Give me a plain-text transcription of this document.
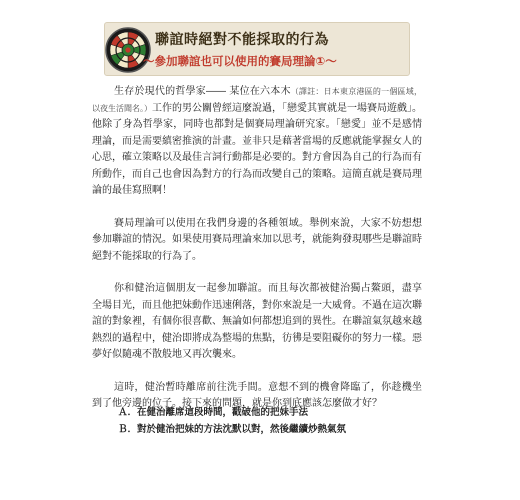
聯誼時絕對不能採取的行為
～參加聯誼也可以使用的賽局理論①～

生存於現代的哲學家―― 某位在六本木（譯註：日本東京港區的一個區域，以夜生活聞名。）工作的男公關曾經這麼說過，「戀愛其實就是一場賽局遊戲」。他除了身為哲學家，同時也都對是個賽局理論研究家。「戀愛」並不是感情理論，而是需要縝密推演的計畫。並非只是藉著當場的反應就能掌握女人的心思，確立策略以及最佳言詞行動都是必要的。對方會因為自己的行為而有所動作，而自己也會因為對方的行為而改變自己的策略。這簡直就是賽局理論的最佳寫照啊！

賽局理論可以使用在我們身邊的各種領域。舉例來說，大家不妨想想參加聯誼的情況。如果使用賽局理論來加以思考，就能夠發現哪些是聯誼時絕對不能採取的行為了。

你和健治這個朋友一起參加聯誼。而且每次都被健治獨占鰲頭，盡享全場目光，而且他把妹動作迅速俐落，對你來說是一大威脅。不過在這次聯誼的對象裡，有個你很喜歡、無論如何都想追到的異性。在聯誼氣氛越來越熱烈的過程中，健治即將成為整場的焦點，彷彿是要阻礙你的努力一樣。惡夢好似隨魂不散般地又再次襲來。

這時，健治暫時離席前往洗手間。意想不到的機會降臨了，你趁機坐到了他旁邊的位子。接下來的問題，就是你到底應該怎麼做才好？

Ａ．在健治離席這段時間，戳破他的把妹手法
Ｂ．對於健治把妹的方法沈默以對，然後繼續炒熱氣氛
